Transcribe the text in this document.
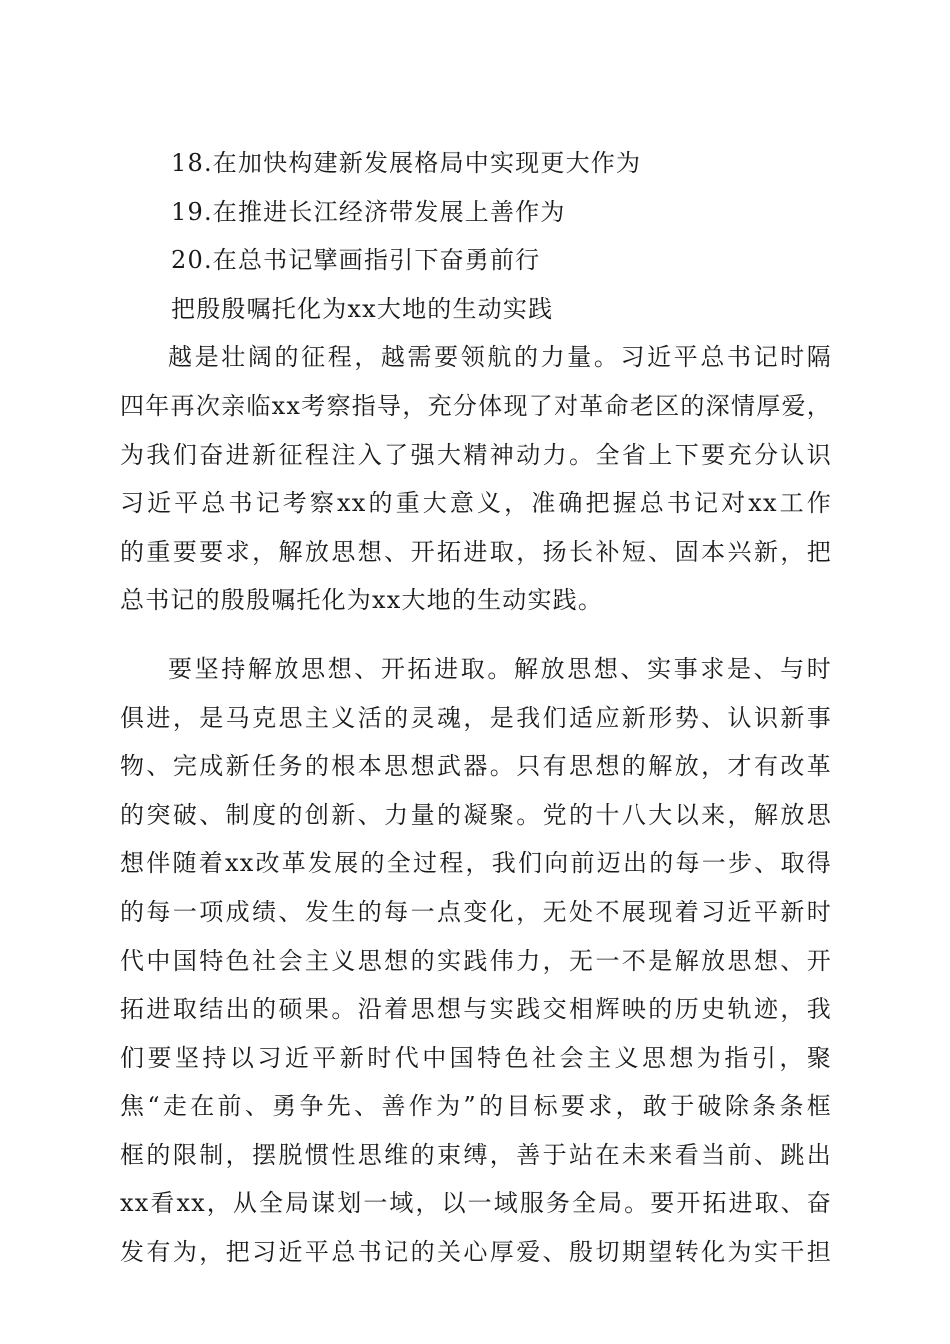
18.在加快构建新发展格局中实现更大作为
19.在推进长江经济带发展上善作为
20.在总书记擘画指引下奋勇前行
把殷殷嘱托化为xx大地的生动实践
越是壮阔的征程，越需要领航的力量。习近平总书记时隔
四年再次亲临xx考察指导，充分体现了对革命老区的深情厚爱，
为我们奋进新征程注入了强大精神动力。全省上下要充分认识
习近平总书记考察xx的重大意义，准确把握总书记对xx工作
的重要要求，解放思想、开拓进取，扬长补短、固本兴新，把
总书记的殷殷嘱托化为xx大地的生动实践。
要坚持解放思想、开拓进取。解放思想、实事求是、与时
俱进，是马克思主义活的灵魂，是我们适应新形势、认识新事
物、完成新任务的根本思想武器。只有思想的解放，才有改革
的突破、制度的创新、力量的凝聚。党的十八大以来，解放思
想伴随着xx改革发展的全过程，我们向前迈出的每一步、取得
的每一项成绩、发生的每一点变化，无处不展现着习近平新时
代中国特色社会主义思想的实践伟力，无一不是解放思想、开
拓进取结出的硕果。沿着思想与实践交相辉映的历史轨迹，我
们要坚持以习近平新时代中国特色社会主义思想为指引，聚
焦“走在前、勇争先、善作为”的目标要求，敢于破除条条框
框的限制，摆脱惯性思维的束缚，善于站在未来看当前、跳出
xx看xx，从全局谋划一域，以一域服务全局。要开拓进取、奋
发有为，把习近平总书记的关心厚爱、殷切期望转化为实干担
